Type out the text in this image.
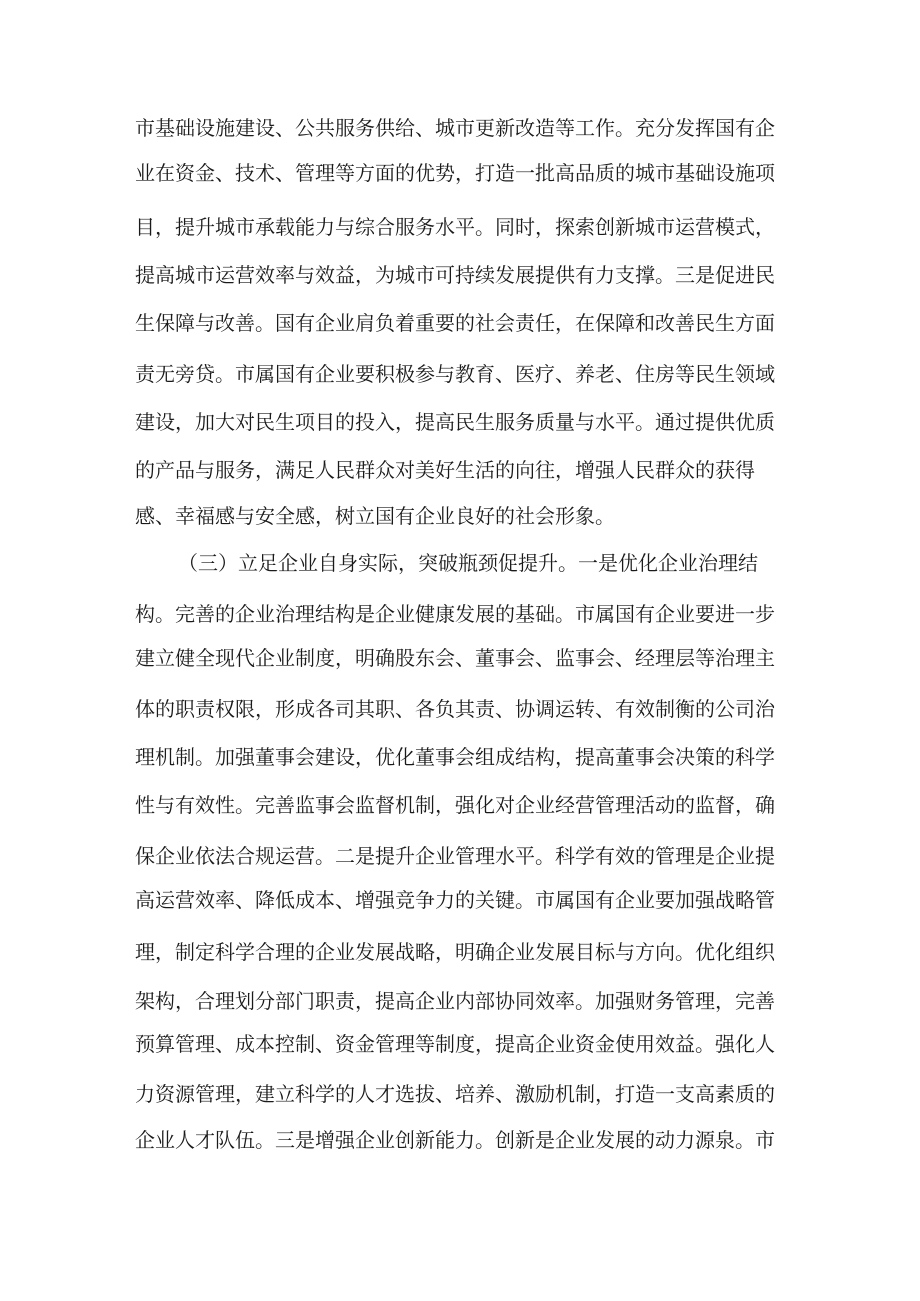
市基础设施建设、公共服务供给、城市更新改造等工作。充分发挥国有企
业在资金、技术、管理等方面的优势，打造一批高品质的城市基础设施项
目，提升城市承载能力与综合服务水平。同时，探索创新城市运营模式，
提高城市运营效率与效益，为城市可持续发展提供有力支撑。三是促进民
生保障与改善。国有企业肩负着重要的社会责任，在保障和改善民生方面
责无旁贷。市属国有企业要积极参与教育、医疗、养老、住房等民生领域
建设，加大对民生项目的投入，提高民生服务质量与水平。通过提供优质
的产品与服务，满足人民群众对美好生活的向往，增强人民群众的获得
感、幸福感与安全感，树立国有企业良好的社会形象。
（三）立足企业自身实际，突破瓶颈促提升。一是优化企业治理结
构。完善的企业治理结构是企业健康发展的基础。市属国有企业要进一步
建立健全现代企业制度，明确股东会、董事会、监事会、经理层等治理主
体的职责权限，形成各司其职、各负其责、协调运转、有效制衡的公司治
理机制。加强董事会建设，优化董事会组成结构，提高董事会决策的科学
性与有效性。完善监事会监督机制，强化对企业经营管理活动的监督，确
保企业依法合规运营。二是提升企业管理水平。科学有效的管理是企业提
高运营效率、降低成本、增强竞争力的关键。市属国有企业要加强战略管
理，制定科学合理的企业发展战略，明确企业发展目标与方向。优化组织
架构，合理划分部门职责，提高企业内部协同效率。加强财务管理，完善
预算管理、成本控制、资金管理等制度，提高企业资金使用效益。强化人
力资源管理，建立科学的人才选拔、培养、激励机制，打造一支高素质的
企业人才队伍。三是增强企业创新能力。创新是企业发展的动力源泉。市
